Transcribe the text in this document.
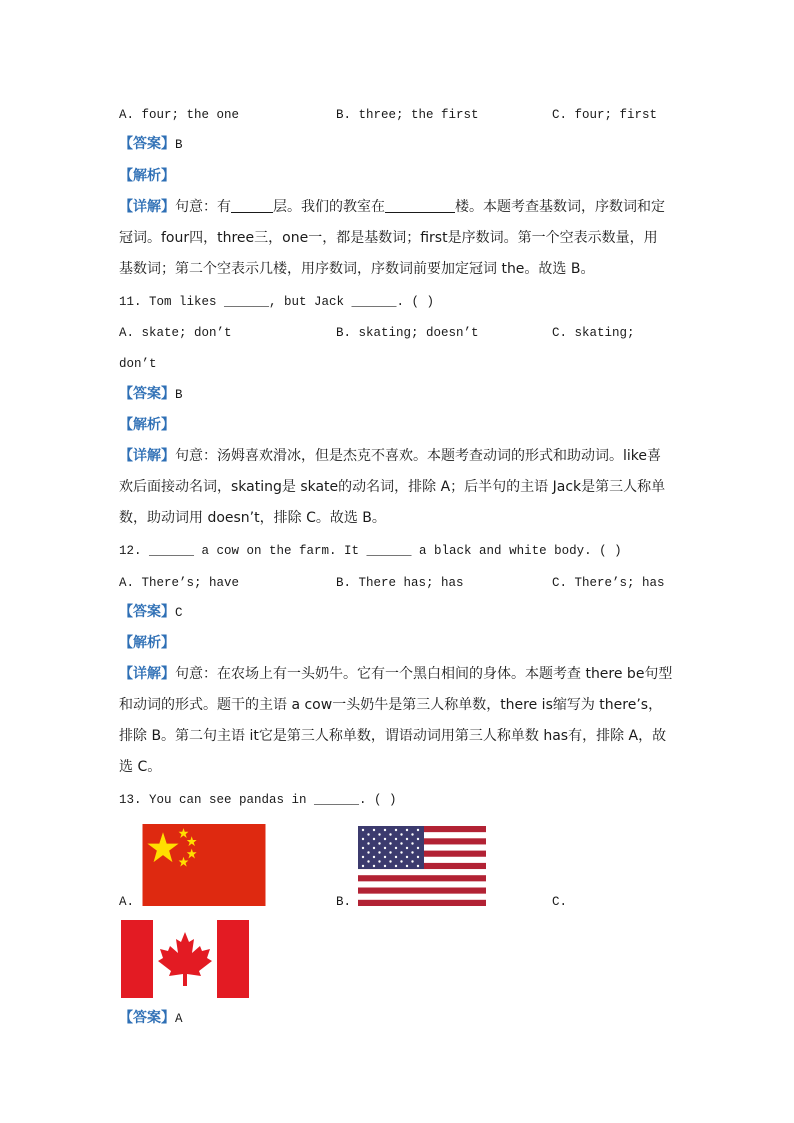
A. four; the one	B. three; the first	C. four; first
【答案】B
【解析】
【详解】句意：有	层。我们的教室在	楼。本题考查基数词，序数词和定
冠词。four四，three三，one一，都是基数词；first是序数词。第一个空表示数量，用
基数词；第二个空表示几楼，用序数词，序数词前要加定冠词 the。故选 B。
11. Tom likes ______, but Jack ______. ( )
A. skate; don’t	B. skating; doesn’t	C. skating;
don’t
【答案】B
【解析】
【详解】句意：汤姆喜欢滑冰，但是杰克不喜欢。本题考查动词的形式和助动词。like喜
欢后面接动名词，skating是 skate的动名词，排除 A；后半句的主语 Jack是第三人称单
数，助动词用 doesn’t，排除 C。故选 B。
12. ______ a cow on the farm. It ______ a black and white body. ( )
A. There’s; have	B. There has; has	C. There’s; has
【答案】C
【解析】
【详解】句意：在农场上有一头奶牛。它有一个黑白相间的身体。本题考查 there be句型
和动词的形式。题干的主语 a cow一头奶牛是第三人称单数，there is缩写为 there’s，
排除 B。第二句主语 it它是第三人称单数，谓语动词用第三人称单数 has有，排除 A，故
选 C。
13. You can see pandas in ______. ( )
A.	B.	C.
【答案】A
